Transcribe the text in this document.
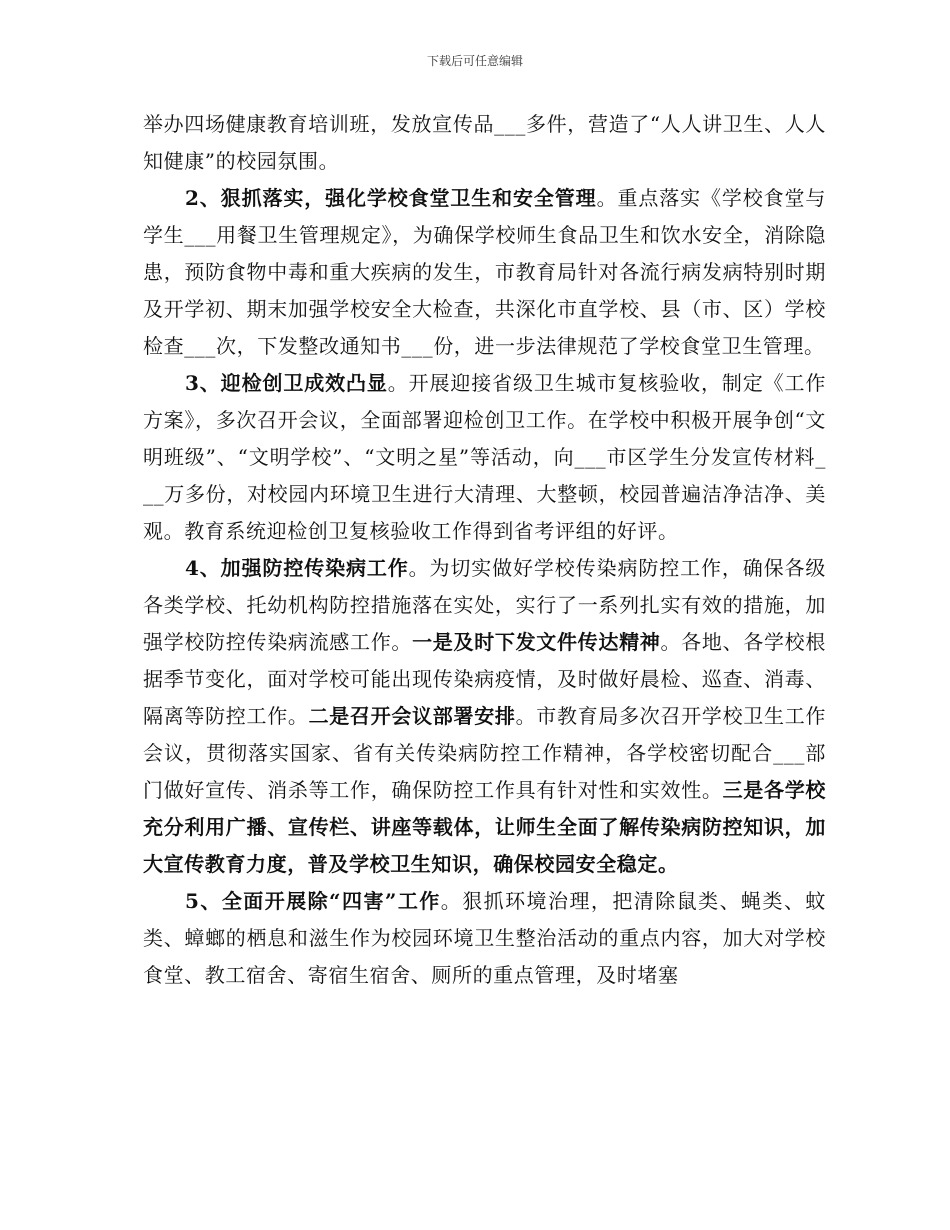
下载后可任意编辑

举办四场健康教育培训班，发放宣传品___多件，营造了“人人讲卫生、人人知健康”的校园氛围。

2、狠抓落实，强化学校食堂卫生和安全管理。重点落实《学校食堂与学生___用餐卫生管理规定》，为确保学校师生食品卫生和饮水安全，消除隐患，预防食物中毒和重大疾病的发生，市教育局针对各流行病发病特别时期及开学初、期末加强学校安全大检查，共深化市直学校、县（市、区）学校检查___次，下发整改通知书___份，进一步法律规范了学校食堂卫生管理。

3、迎检创卫成效凸显。开展迎接省级卫生城市复核验收，制定《工作方案》，多次召开会议，全面部署迎检创卫工作。在学校中积极开展争创“文明班级”、“文明学校”、“文明之星”等活动，向___市区学生分发宣传材料___万多份，对校园内环境卫生进行大清理、大整顿，校园普遍洁净洁净、美观。教育系统迎检创卫复核验收工作得到省考评组的好评。

4、加强防控传染病工作。为切实做好学校传染病防控工作，确保各级各类学校、托幼机构防控措施落在实处，实行了一系列扎实有效的措施，加强学校防控传染病流感工作。一是及时下发文件传达精神。各地、各学校根据季节变化，面对学校可能出现传染病疫情，及时做好晨检、巡查、消毒、隔离等防控工作。二是召开会议部署安排。市教育局多次召开学校卫生工作会议，贯彻落实国家、省有关传染病防控工作精神，各学校密切配合___部门做好宣传、消杀等工作，确保防控工作具有针对性和实效性。三是各学校充分利用广播、宣传栏、讲座等载体，让师生全面了解传染病防控知识，加大宣传教育力度，普及学校卫生知识，确保校园安全稳定。

5、全面开展除“四害”工作。狠抓环境治理，把清除鼠类、蝇类、蚊类、蟑螂的栖息和滋生作为校园环境卫生整治活动的重点内容，加大对学校食堂、教工宿舍、寄宿生宿舍、厕所的重点管理，及时堵塞
